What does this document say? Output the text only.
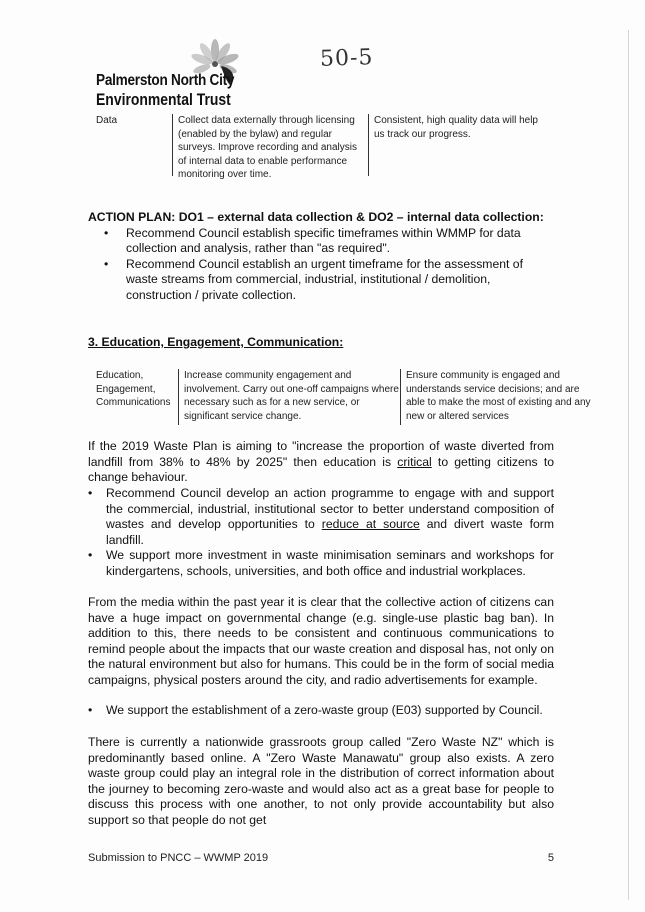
50-5
Palmerston North City
Environmental Trust
Data	Collect data externally through licensing (enabled by the bylaw) and regular surveys. Improve recording and analysis of internal data to enable performance monitoring over time.
Consistent, high quality data will help us track our progress.
ACTION PLAN: DO1 – external data collection & DO2 – internal data collection:
• Recommend Council establish specific timeframes within WMMP for data collection and analysis, rather than "as required".
• Recommend Council establish an urgent timeframe for the assessment of waste streams from commercial, industrial, institutional / demolition, construction / private collection.
3. Education, Engagement, Communication:
Education, Engagement, Communications
Increase community engagement and involvement. Carry out one-off campaigns where necessary such as for a new service, or significant service change.
Ensure community is engaged and understands service decisions; and are able to make the most of existing and any new or altered services
If the 2019 Waste Plan is aiming to "increase the proportion of waste diverted from landfill from 38% to 48% by 2025" then education is critical to getting citizens to change behaviour.
• Recommend Council develop an action programme to engage with and support the commercial, industrial, institutional sector to better understand composition of wastes and develop opportunities to reduce at source and divert waste form landfill.
• We support more investment in waste minimisation seminars and workshops for kindergartens, schools, universities, and both office and industrial workplaces.
From the media within the past year it is clear that the collective action of citizens can have a huge impact on governmental change (e.g. single-use plastic bag ban). In addition to this, there needs to be consistent and continuous communications to remind people about the impacts that our waste creation and disposal has, not only on the natural environment but also for humans. This could be in the form of social media campaigns, physical posters around the city, and radio advertisements for example.
• We support the establishment of a zero-waste group (E03) supported by Council.
There is currently a nationwide grassroots group called "Zero Waste NZ" which is predominantly based online. A "Zero Waste Manawatu" group also exists. A zero waste group could play an integral role in the distribution of correct information about the journey to becoming zero-waste and would also act as a great base for people to discuss this process with one another, to not only provide accountability but also support so that people do not get
Submission to PNCC – WWMP 2019	5
